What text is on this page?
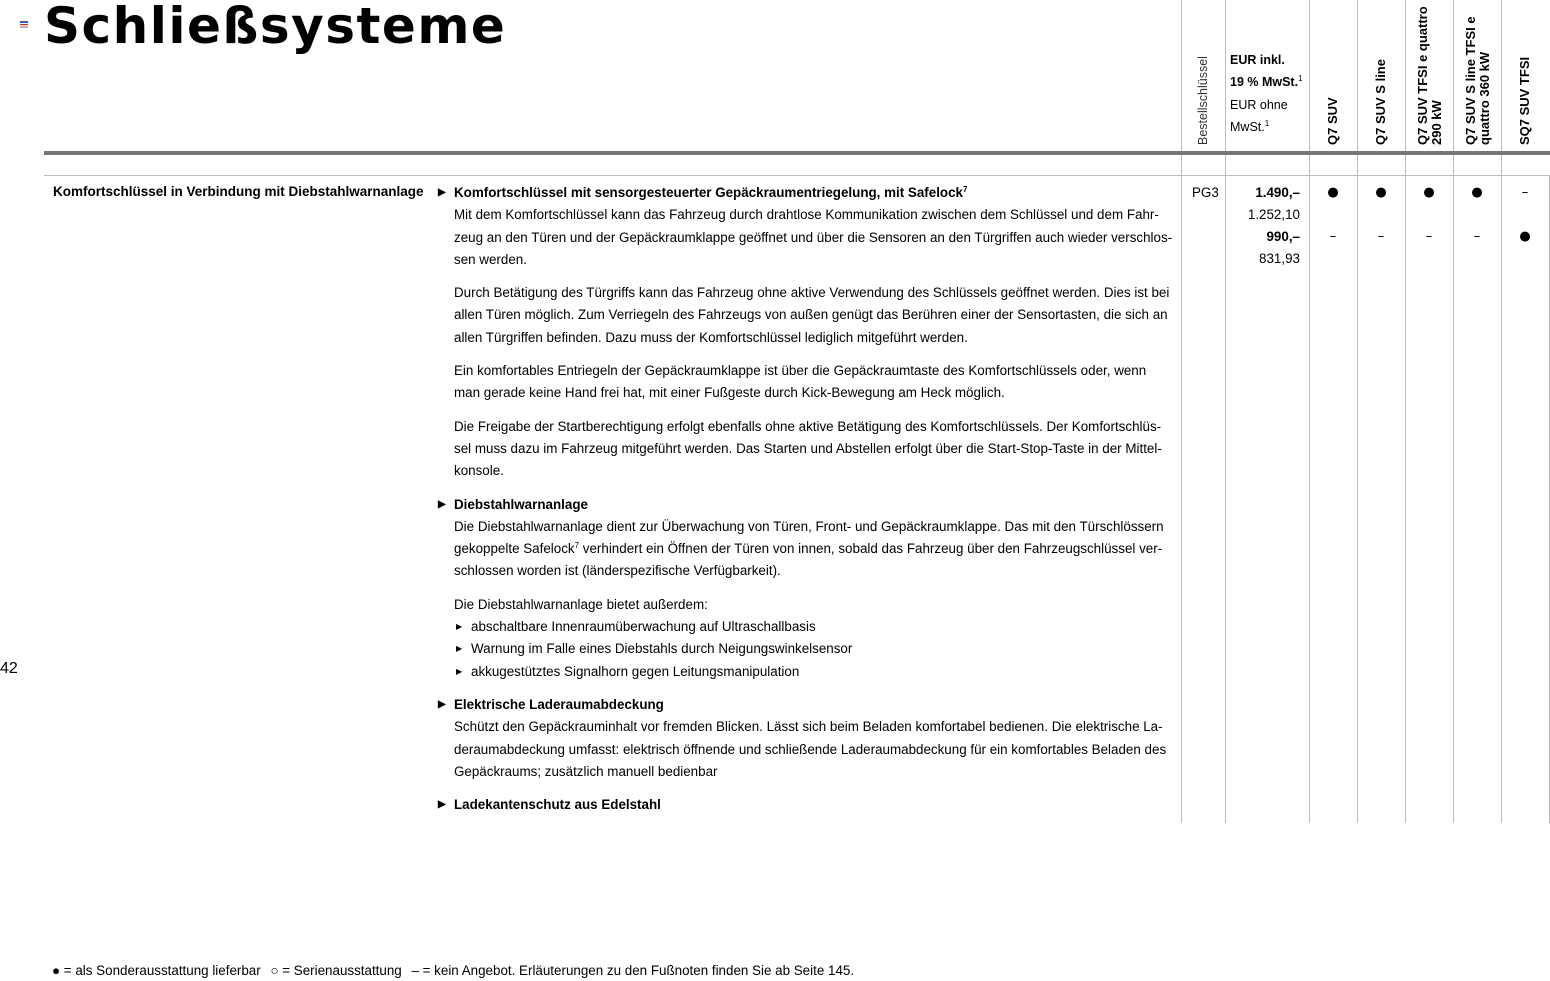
Schließsysteme
42
Bestellschlüssel EUR inkl.
19 % MwSt.$^1$
EUR ohne
MwSt.$^1$	Q7 SUV	Q7 SUV S line Q7 SUV TFSI e quattro 290 kW Q7 SUV S line TFSI e quattro 360 kW SQ7 SUV TFSI
Komfortschlüssel in Verbindung mit Diebstahlwarnanlage
▶	Komfortschlüssel mit sensorgesteuerter Gepäckraumentriegelung, mit Safelock$^7$
Mit dem Komfortschlüssel kann das Fahrzeug durch drahtlose Kommunikation zwischen dem Schlüssel und dem Fahr-
zeug an den Türen und der Gepäckraumklappe geöffnet und über die Sensoren an den Türgriffen auch wieder verschlos-
sen werden.
Durch Betätigung des Türgriffs kann das Fahrzeug ohne aktive Verwendung des Schlüssels geöffnet werden. Dies ist bei
allen Türen möglich. Zum Verriegeln des Fahrzeugs von außen genügt das Berühren einer der Sensortasten, die sich an
allen Türgriffen befinden. Dazu muss der Komfortschlüssel lediglich mitgeführt werden.
Ein komfortables Entriegeln der Gepäckraumklappe ist über die Gepäckraumtaste des Komfortschlüssels oder, wenn
man gerade keine Hand frei hat, mit einer Fußgeste durch Kick-Bewegung am Heck möglich.
Die Freigabe der Startberechtigung erfolgt ebenfalls ohne aktive Betätigung des Komfortschlüssels. Der Komfortschlüs-
sel muss dazu im Fahrzeug mitgeführt werden. Das Starten und Abstellen erfolgt über die Start-Stop-Taste in der Mittel-
konsole.
▶ Diebstahlwarnanlage
Die Diebstahlwarnanlage dient zur Überwachung von Türen, Front- und Gepäckraumklappe. Das mit den Türschlössern
gekoppelte Safelock$^7$ verhindert ein Öffnen der Türen von innen, sobald das Fahrzeug über den Fahrzeugschlüssel ver-
schlossen worden ist (länderspezifische Verfügbarkeit).
Die Diebstahlwarnanlage bietet außerdem:
▶ abschaltbare Innenraumüberwachung auf Ultraschallbasis
▶ Warnung im Falle eines Diebstahls durch Neigungswinkelsensor
▶ akkugestütztes Signalhorn gegen Leitungsmanipulation
▶ Elektrische Laderaumabdeckung
Schützt den Gepäckrauminhalt vor fremden Blicken. Lässt sich beim Beladen komfortabel bedienen. Die elektrische La-
deraumabdeckung umfasst: elektrisch öffnende und schließende Laderaumabdeckung für ein komfortables Beladen des
Gepäckraums; zusätzlich manuell bedienbar
▶ Ladekantenschutz aus Edelstahl
PG3	1.490,–
1.252,10
990,–
831,93
●	●	●	●	–
–	–	–	–	●
● = als Sonderausstattung lieferbar ○ = Serienausstattung – = kein Angebot. Erläuterungen zu den Fußnoten finden Sie ab Seite 145.
